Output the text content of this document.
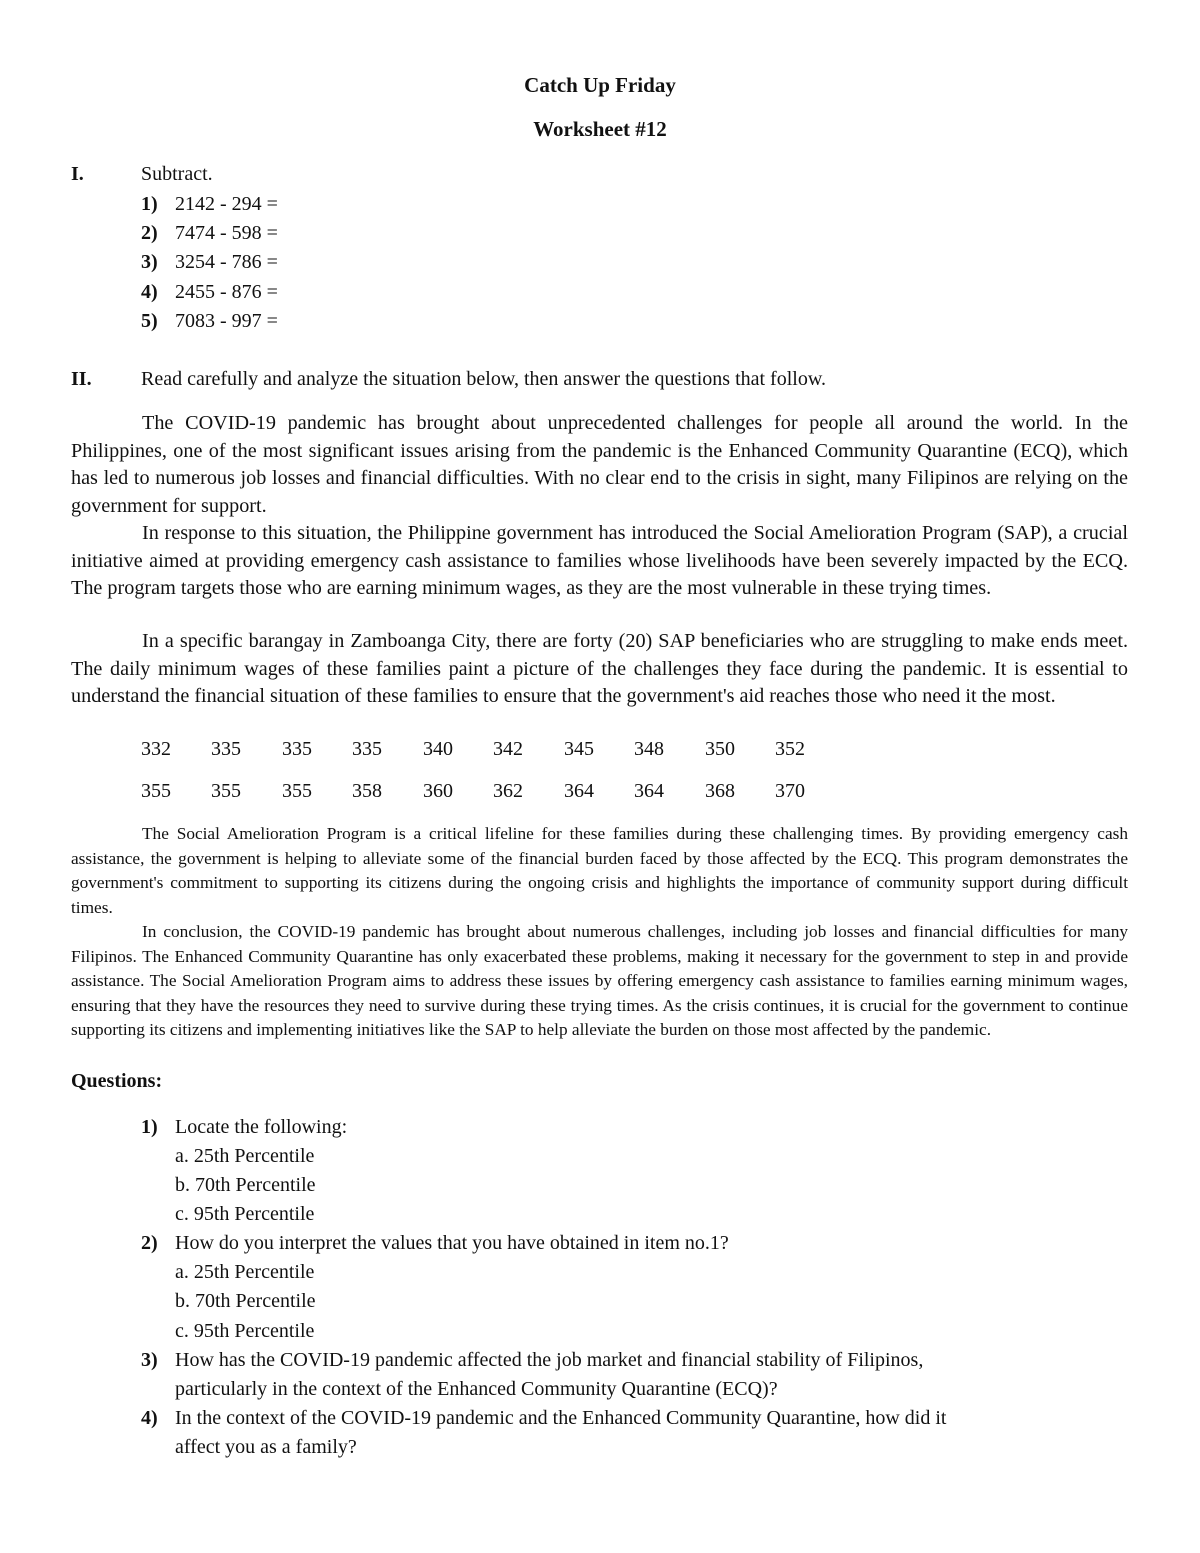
Catch Up Friday
Worksheet #12
I.	Subtract.
1) 2142 - 294 =
2) 7474 - 598 =
3) 3254 - 786 =
4) 2455 - 876 =
5) 7083 - 997 =
II. Read carefully and analyze the situation below, then answer the questions that follow.
The COVID-19 pandemic has brought about unprecedented challenges for people all around the world. In the Philippines, one of the most significant issues arising from the pandemic is the Enhanced Community Quarantine (ECQ), which has led to numerous job losses and financial difficulties. With no clear end to the crisis in sight, many Filipinos are relying on the government for support.
In response to this situation, the Philippine government has introduced the Social Amelioration Program (SAP), a crucial initiative aimed at providing emergency cash assistance to families whose livelihoods have been severely impacted by the ECQ. The program targets those who are earning minimum wages, as they are the most vulnerable in these trying times.
In a specific barangay in Zamboanga City, there are forty (20) SAP beneficiaries who are struggling to make ends meet. The daily minimum wages of these families paint a picture of the challenges they face during the pandemic. It is essential to understand the financial situation of these families to ensure that the government's aid reaches those who need it the most.
332 335 335 335 340 342 345 348 350 352
355 355 355 358 360 362 364 364 368 370
The Social Amelioration Program is a critical lifeline for these families during these challenging times. By providing emergency cash assistance, the government is helping to alleviate some of the financial burden faced by those affected by the ECQ. This program demonstrates the government's commitment to supporting its citizens during the ongoing crisis and highlights the importance of community support during difficult times.
In conclusion, the COVID-19 pandemic has brought about numerous challenges, including job losses and financial difficulties for many Filipinos. The Enhanced Community Quarantine has only exacerbated these problems, making it necessary for the government to step in and provide assistance. The Social Amelioration Program aims to address these issues by offering emergency cash assistance to families earning minimum wages, ensuring that they have the resources they need to survive during these trying times. As the crisis continues, it is crucial for the government to continue supporting its citizens and implementing initiatives like the SAP to help alleviate the burden on those most affected by the pandemic.
Questions:
1) Locate the following:
a. 25th Percentile
b. 70th Percentile
c. 95th Percentile
2) How do you interpret the values that you have obtained in item no.1?
a. 25th Percentile
b. 70th Percentile
c. 95th Percentile
3) How has the COVID-19 pandemic affected the job market and financial stability of Filipinos,
particularly in the context of the Enhanced Community Quarantine (ECQ)?
4) In the context of the COVID-19 pandemic and the Enhanced Community Quarantine, how did it
affect you as a family?
